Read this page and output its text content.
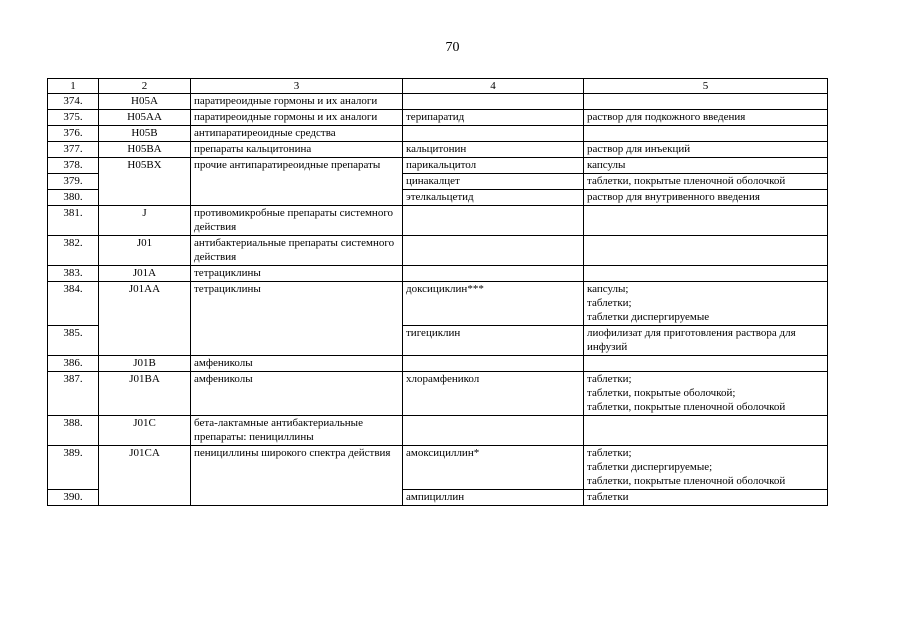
70
1	2	3	4	5
374.	H05A	паратиреоидные гормоны и их аналоги		
375.	H05AA	паратиреоидные гормоны и их аналоги	терипаратид	раствор для подкожного введения

376.	H05B	антипаратиреоидные средства		
377.	H05BA	препараты кальцитонина	кальцитонин	раствор для инъекций

378.	H05BX	прочие антипаратиреоидные препараты	парикальцитол	капсулы

379.			цинакалцет	таблетки, покрытые пленочной оболочкой

380.			этелкальцетид	раствор для внутривенного введения

381.	J	противомикробные препараты системного действия		
382.	J01	антибактериальные препараты системного действия		
383.	J01A	тетрациклины		
384.	J01AA	тетрациклины	доксициклин***	капсулы;
таблетки;
таблетки диспергируемые

385.			тигециклин	лиофилизат для приготовления раствора для инфузий

386.	J01B	амфениколы		
387.	J01BA	амфениколы	хлорамфеникол	таблетки;
таблетки, покрытые оболочкой;
таблетки, покрытые пленочной оболочкой

388.	J01C	бета-лактамные антибактериальные препараты: пенициллины		
389.	J01CA	пенициллины широкого спектра действия	амоксициллин*	таблетки;
таблетки диспергируемые;
таблетки, покрытые пленочной оболочкой

390.			ампициллин	таблетки
